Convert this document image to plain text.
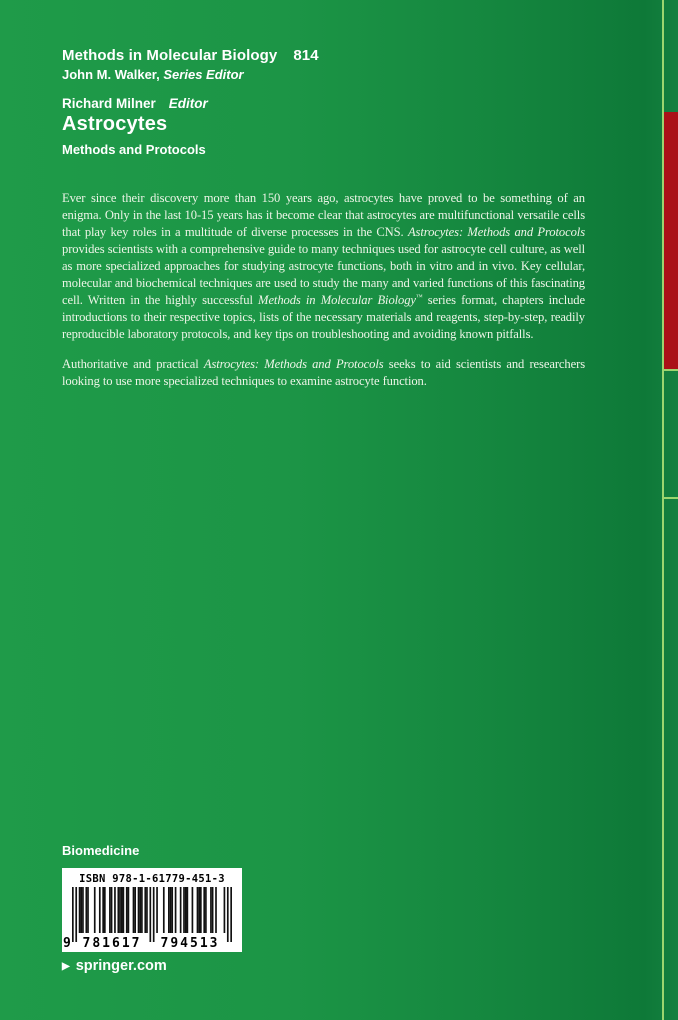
Methods in Molecular Biology 814
John M. Walker, Series Editor
Richard Milner Editor
Astrocytes
Methods and Protocols
Ever since their discovery more than 150 years ago, astrocytes have proved to be something of an enigma. Only in the last 10-15 years has it become clear that astrocytes are multifunctional versatile cells that play key roles in a multitude of diverse processes in the CNS. Astrocytes: Methods and Protocols provides scientists with a comprehensive guide to many techniques used for astrocyte cell culture, as well as more specialized approaches for studying astrocyte functions, both in vitro and in vivo. Key cellular, molecular and biochemical techniques are used to study the many and varied functions of this fascinating cell. Written in the highly successful Methods in Molecular Biology™ series format, chapters include introductions to their respective topics, lists of the necessary materials and reagents, step-by-step, readily reproducible laboratory protocols, and key tips on troubleshooting and avoiding known pitfalls.
Authoritative and practical Astrocytes: Methods and Protocols seeks to aid scientists and researchers looking to use more specialized techniques to examine astrocyte function.
Biomedicine
ISBN 978-1-61779-451-3
9 781617 794513
▶ springer.com
